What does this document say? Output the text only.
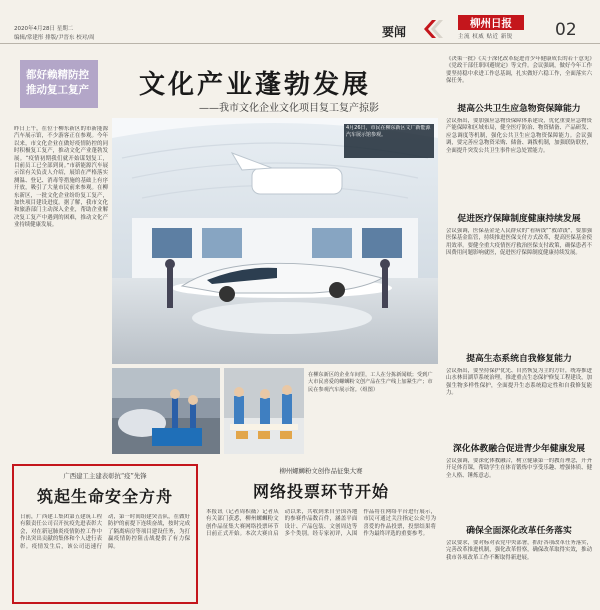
2020年4月28日 星期二
编辑/常建彤 排版/尹晋东 校对/周	要闻
柳州日报
主流 权威 贴近 新锐 02
都好赖精防控 推动复工复产	文化产业蓬勃发展
——我市文化企业文化项目复工复产掠影
昨日上午，在位于柳东新区的市新能源汽车展示馆，不少游客正在参观。今年以来，市文化企业在做好疫情防控的同时积极复工复产，推动文化产业蓬勃发展。“疫情初期我们就开始谋划复工，目前员工已全部到岗。”市新能源汽车展示馆有关负责人介绍，展馆在严格落实测温、登记、消毒等措施的基础上有序开放，吸引了大量市民前来参观。在柳东新区，一批文化企业纷纷复工复产，加快项目建设进度。据了解，我市文化和旅游部门主动深入企业，帮助企业解决复工复产中遇到的困难，推动文化产业持续健康发展。
4月26日，市民在柳东新区文广新能源汽车展示馆参观。
在柳东新区的企业车间里，工人在分拣新闻纸；受到广大市民喜爱的螺蛳粉文创产品在生产线上加紧生产；市民在参观汽车展示馆。（组图）
《决策一批》《关于深化改革促进青少年健康成长的若干意见》《党政干部任职回避规定》等文件。会议强调，做好今年工作要坚持稳中求进工作总基调，扎实做好六稳工作，全面落实六保任务。
提高公共卫生应急物资保障能力
会议指出，要加强应急物资保障体系建设，优化重要应急物资产能保障和区域布局，健全医疗防治、物资储备、产品研发、应急调度等机制，强化公共卫生应急物资保障能力。会议强调，要完善应急物资采购、储备、调拨机制，加强联防联控，全面提升突发公共卫生事件应急处置能力。
促进医疗保障制度健康持续发展
会议强调，医保基金是人民群众的“看病钱”“救命钱”，要加强医保基金监管，持续推进医保支付方式改革，提高医保基金使用效率。要健全重大疫情医疗救治医保支付政策，确保患者不因费用问题影响就医，促进医疗保障制度健康持续发展。
提高生态系统自我修复能力
会议指出，要坚持保护优先、自然恢复为主的方针，统筹推进山水林田湖草系统治理，推进重点生态保护修复工程建设，加强生物多样性保护，全面提升生态系统稳定性和自我修复能力。
深化体教融合促进青少年健康发展
会议强调，要深化体教融合，树立健康第一的教育理念，开齐开足体育课，帮助学生在体育锻炼中享受乐趣、增强体质、健全人格、锤炼意志。
确保全面深化改革任务落实
会议要求，要对标对表党中央部署，抓好各项改革任务落实，完善改革推进机制，强化改革督察，确保改革取得实效，推动我市各项改革工作不断取得新进展。
广西建工主建表彰抗“疫”先锋
筑起生命安全方舟
日前，广西建工集团第五建筑工程有限责任公司召开抗疫先进表彰大会，对在新冠肺炎疫情防控工作中作出突出贡献的集体和个人进行表彰。疫情发生后，该公司迅速行动，第一时间组建突击队，在做好防护的前提下连续奋战，按时完成了隔离病房等项目建设任务，为打赢疫情防控阻击战提供了有力保障。
柳州螺蛳粉文创作品征集大赛
网络投票环节开始
本报讯（记者周积薇）记者从有关部门获悉，柳州螺蛳粉文创作品征集大赛网络投票环节日前正式开始。本次大赛自启动以来，共收到来自全国各地的参赛作品数百件，涵盖平面设计、产品包装、文创周边等多个类别。经专家初评，入围作品将在网络平台进行展示，市民可通过关注指定公众号为喜爱的作品投票，投票结果将作为最终评选的重要参考。
